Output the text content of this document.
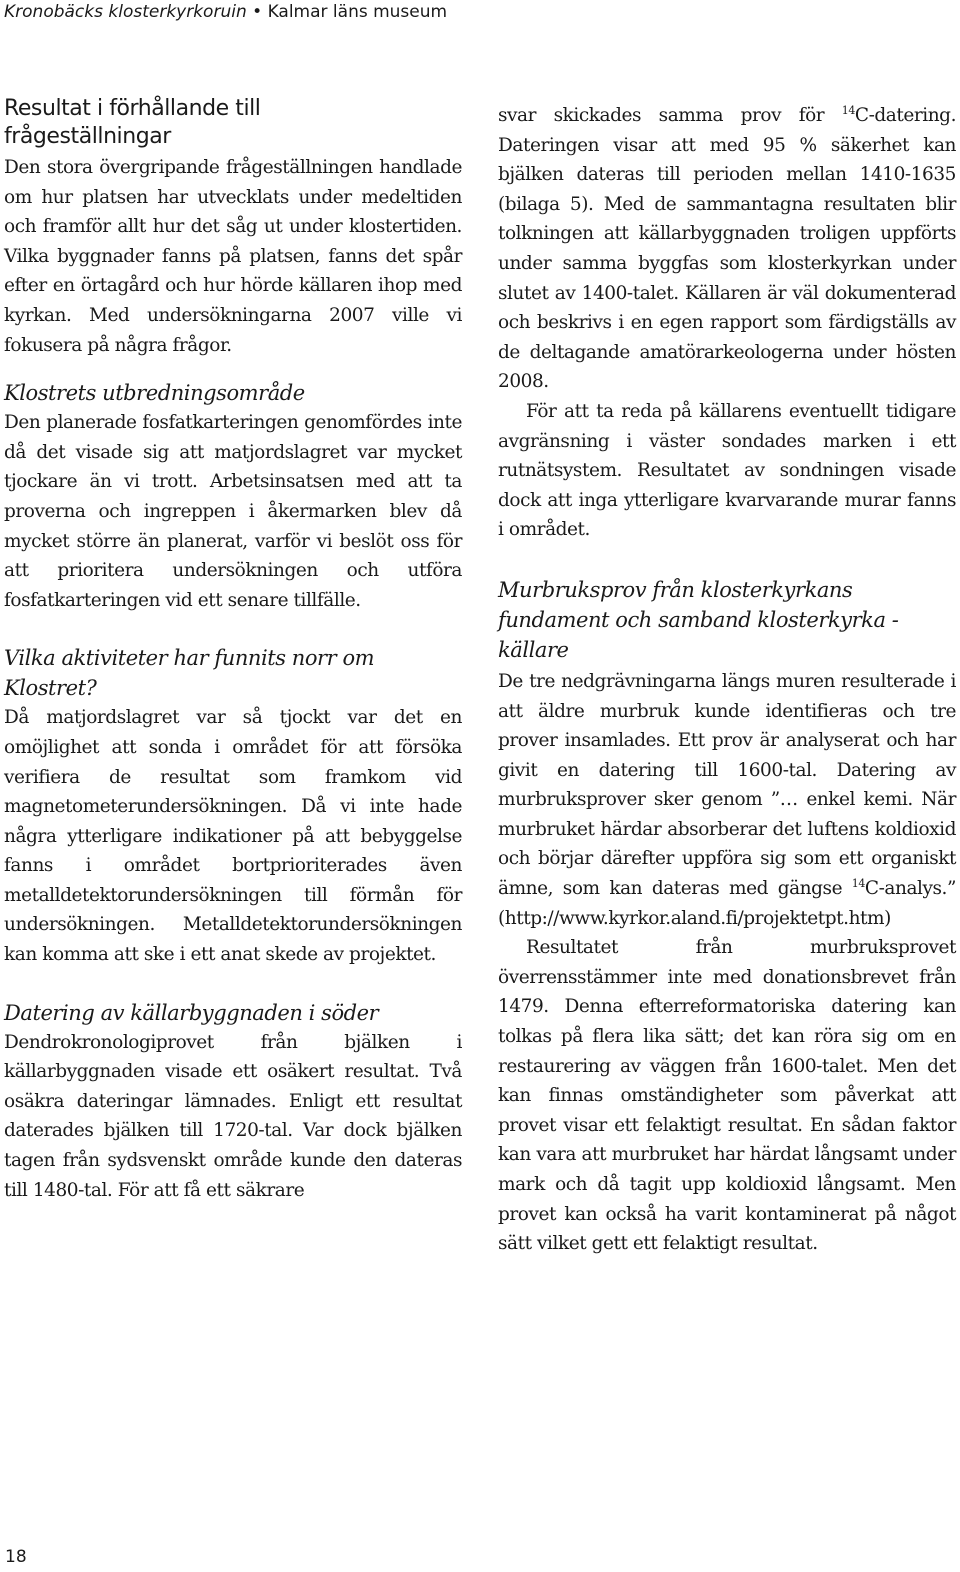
Kronobäcks klosterkyrkoruin • Kalmar läns museum
Resultat i förhållande till frågeställningar

Den stora övergripande frågeställningen handlade om hur platsen har utvecklats under medeltiden och framför allt hur det såg ut under klostertiden. Vilka byggnader fanns på platsen, fanns det spår efter en örtagård och hur hörde källaren ihop med kyrkan. Med undersökningarna 2007 ville vi fokusera på några frågor.

Klostrets utbredningsområde

Den planerade fosfatkarteringen genomfördes inte då det visade sig att matjordslagret var mycket tjockare än vi trott. Arbetsinsatsen med att ta proverna och ingreppen i åkermarken blev då mycket större än planerat, varför vi beslöt oss för att prioritera undersökningen och utföra fosfatkarteringen vid ett senare tillfälle.

Vilka aktiviteter har funnits norr om Klostret?

Då matjordslagret var så tjockt var det en omöjlighet att sonda i området för att försöka verifiera de resultat som framkom vid magnetometerundersökningen. Då vi inte hade några ytterligare indikationer på att bebyggelse fanns i området bortprioriterades även metalldetektorundersökningen till förmån för undersökningen. Metalldetektorundersökningen kan komma att ske i ett anat skede av projektet.

Datering av källarbyggnaden i söder

Dendrokronologiprovet från bjälken i källarbyggnaden visade ett osäkert resultat. Två osäkra dateringar lämnades. Enligt ett resultat daterades bjälken till 1720-tal. Var dock bjälken tagen från sydsvenskt område kunde den dateras till 1480-tal. För att få ett säkrare

svar skickades samma prov för $^{14}$C-datering. Dateringen visar att med 95 % säkerhet kan bjälken dateras till perioden mellan 1410-1635 (bilaga 5). Med de sammantagna resultaten blir tolkningen att källarbyggnaden troligen uppförts under samma byggfas som klosterkyrkan under slutet av 1400-talet. Källaren är väl dokumenterad och beskrivs i en egen rapport som färdigställs av de deltagande amatörarkeologerna under hösten 2008.

För att ta reda på källarens eventuellt tidigare avgränsning i väster sondades marken i ett rutnätsystem. Resultatet av sondningen visade dock att inga ytterligare kvarvarande murar fanns i området.

Murbruksprov från klosterkyrkans fundament och samband klosterkyrka - källare

De tre nedgrävningarna längs muren resulterade i att äldre murbruk kunde identifieras och tre prover insamlades. Ett prov är analyserat och har givit en datering till 1600-tal. Datering av murbruksprover sker genom ”… enkel kemi. När murbruket härdar absorberar det luftens koldioxid och börjar därefter uppföra sig som ett organiskt ämne, som kan dateras med gängse $^{14}$C-analys.” (http://www.kyrkor.aland.fi/projektetpt.htm)

Resultatet från murbruksprovet överrensstämmer inte med donationsbrevet från 1479. Denna efterreformatoriska datering kan tolkas på flera lika sätt; det kan röra sig om en restaurering av väggen från 1600-talet. Men det kan finnas omständigheter som påverkat att provet visar ett felaktigt resultat. En sådan faktor kan vara att murbruket har härdat långsamt under mark och då tagit upp koldioxid långsamt. Men provet kan också ha varit kontaminerat på något sätt vilket gett ett felaktigt resultat.

18
